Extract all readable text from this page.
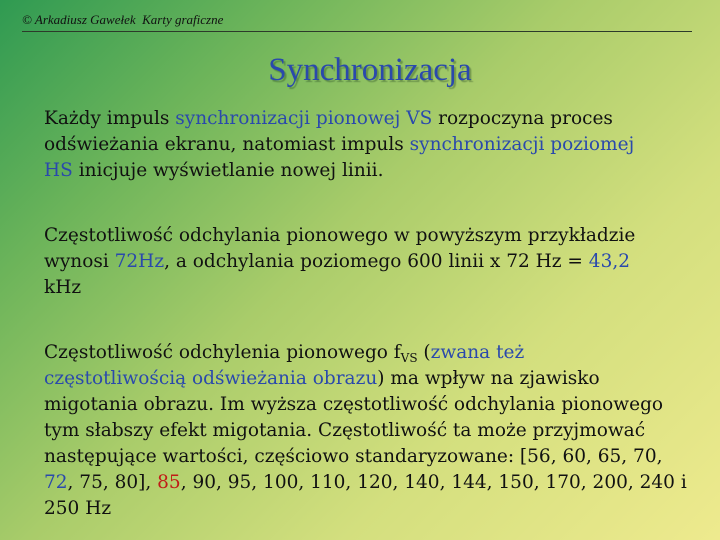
© Arkadiusz Gawełek  Karty graficzne
Synchronizacja
Każdy impuls synchronizacji pionowej VS rozpoczyna proces
odświeżania ekranu, natomiast impuls synchronizacji poziomej
HS inicjuje wyświetlanie nowej linii.
Częstotliwość odchylania pionowego w powyższym przykładzie
wynosi 72Hz, a odchylania poziomego 600 linii x 72 Hz = 43,2
kHz
Częstotliwość odchylenia pionowego $f_{VS}$ (zwana też
częstotliwością odświeżania obrazu) ma wpływ na zjawisko
migotania obrazu. Im wyższa częstotliwość odchylania pionowego
tym słabszy efekt migotania. Częstotliwość ta może przyjmować
następujące wartości, częściowo standaryzowane: [56, 60, 65, 70,
72, 75, 80], 85, 90, 95, 100, 110, 120, 140, 144, 150, 170, 200, 240 i
250 Hz
